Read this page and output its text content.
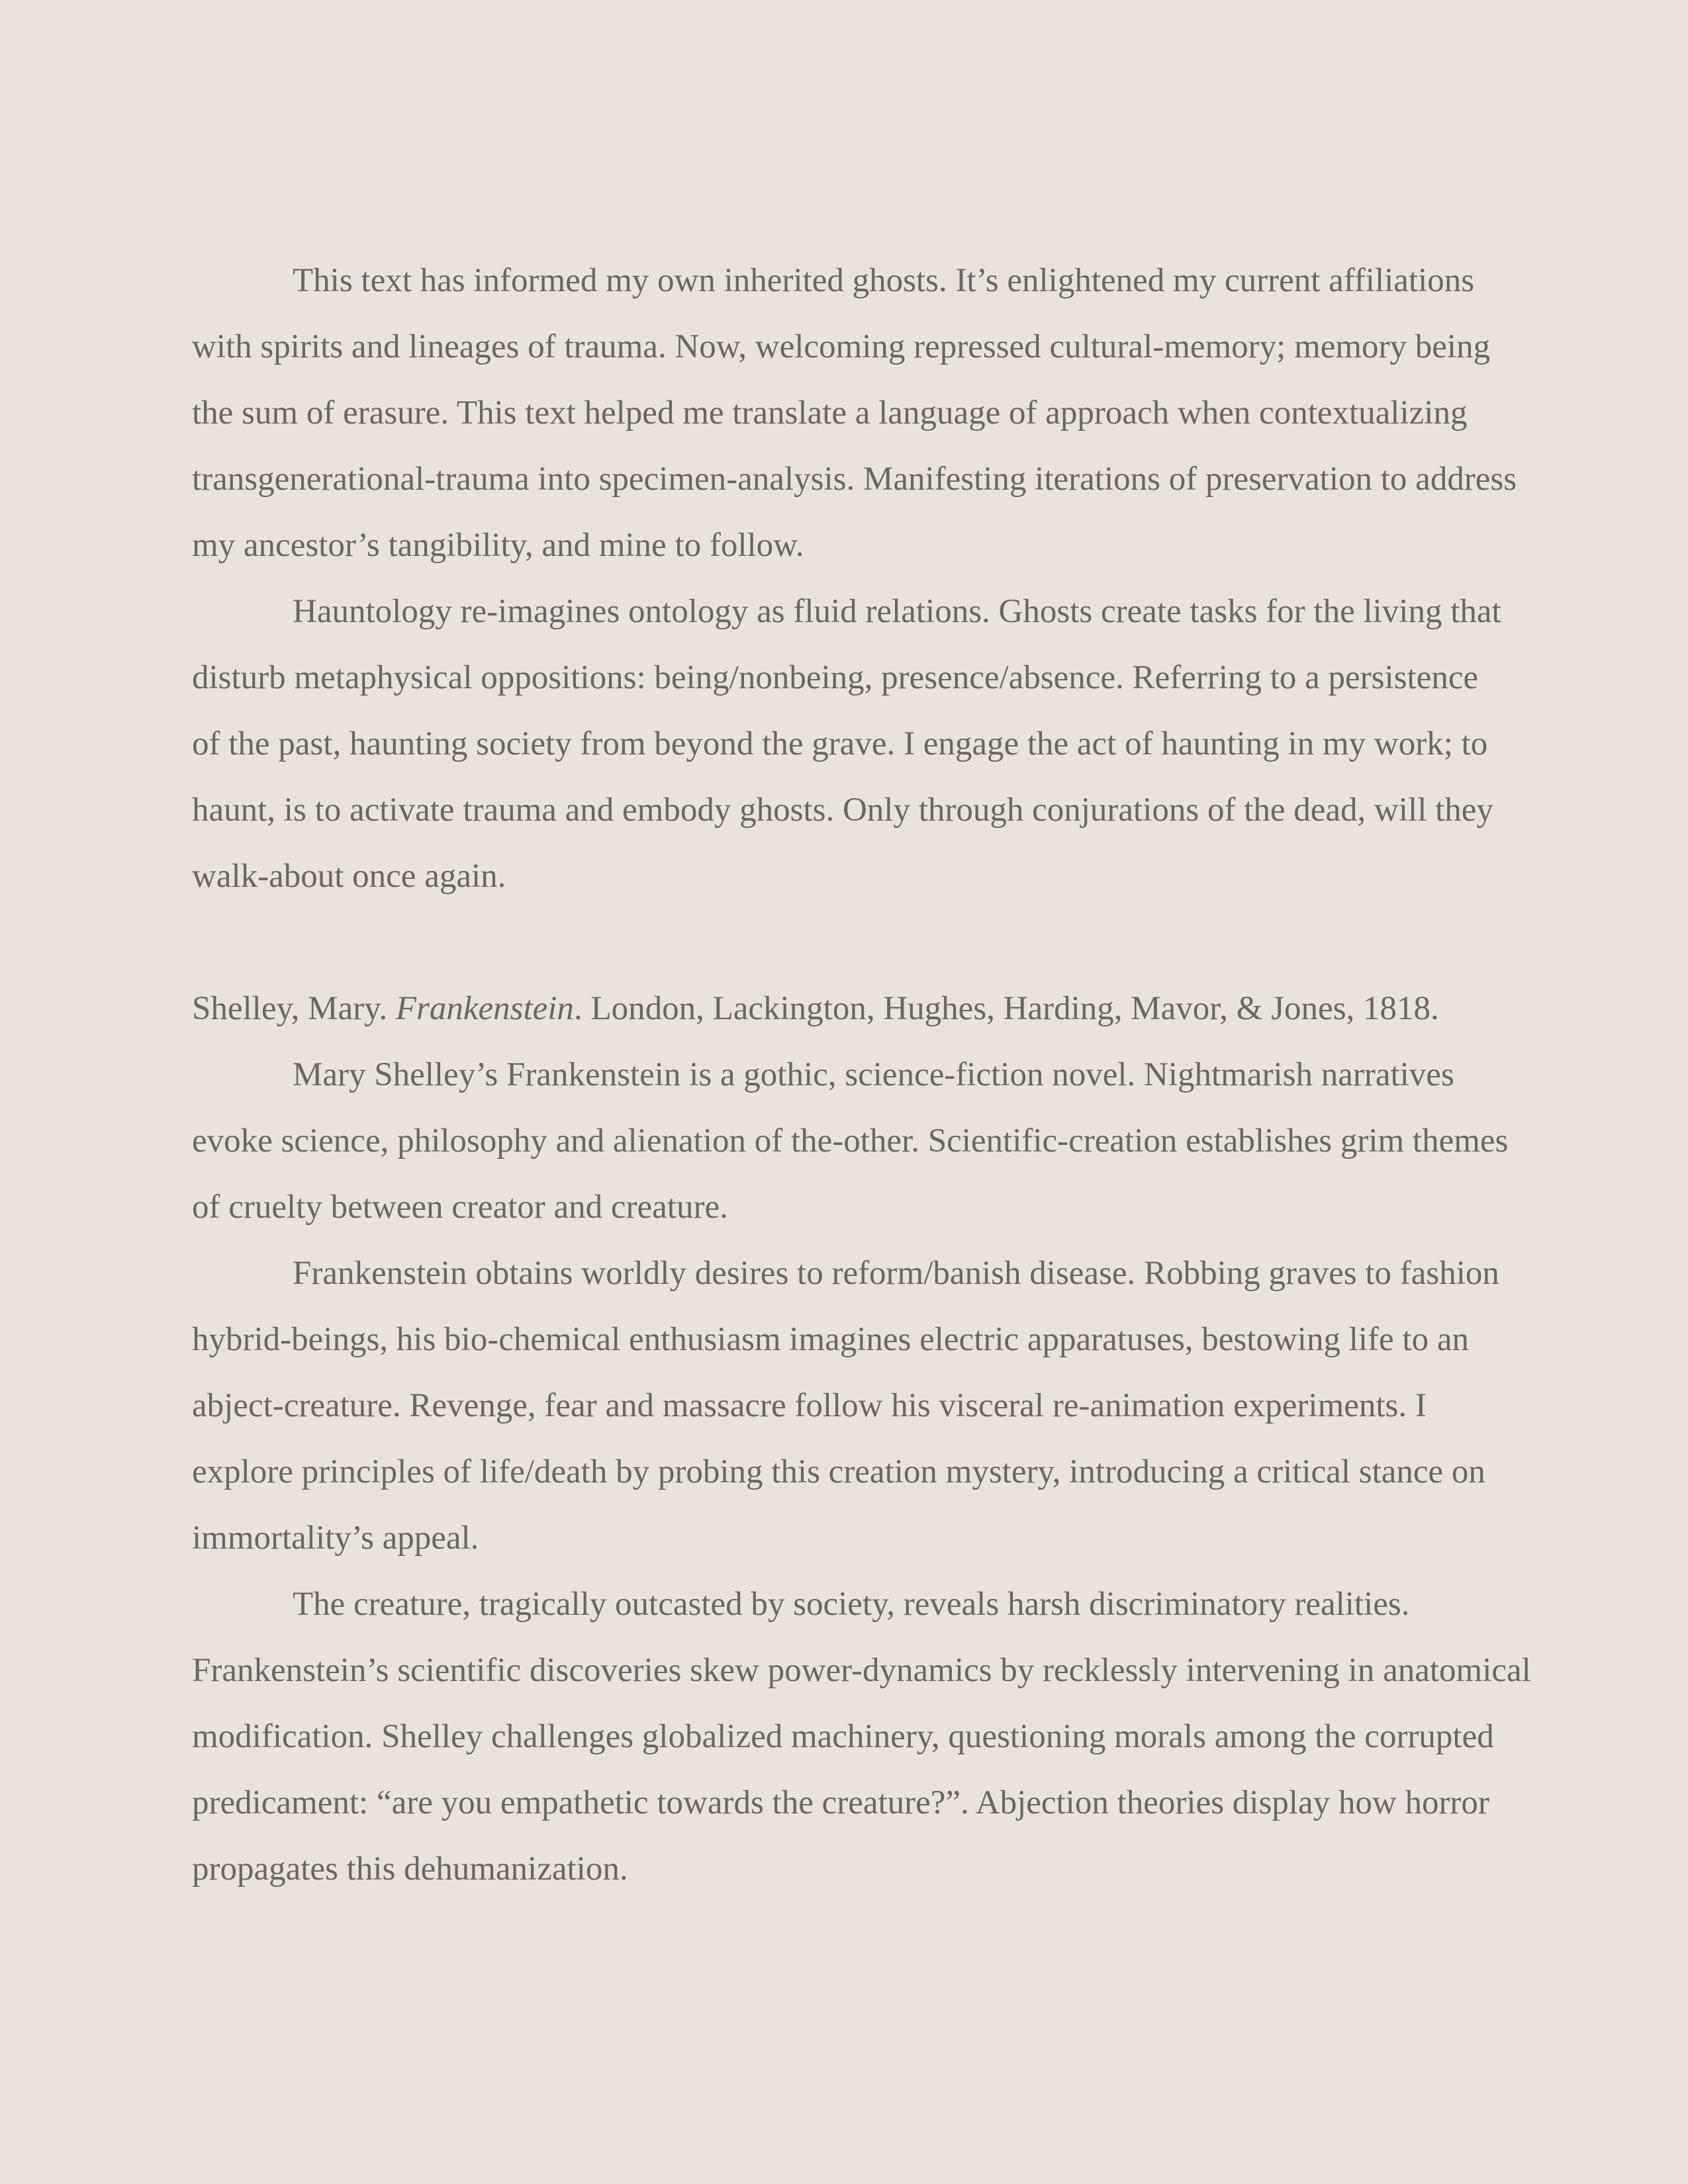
This text has informed my own inherited ghosts. It’s enlightened my current affiliations
with spirits and lineages of trauma. Now, welcoming repressed cultural-memory; memory being
the sum of erasure. This text helped me translate a language of approach when contextualizing
transgenerational-trauma into specimen-analysis. Manifesting iterations of preservation to address
my ancestor’s tangibility, and mine to follow.
Hauntology re-imagines ontology as fluid relations. Ghosts create tasks for the living that
disturb metaphysical oppositions: being/nonbeing, presence/absence. Referring to a persistence
of the past, haunting society from beyond the grave. I engage the act of haunting in my work; to
haunt, is to activate trauma and embody ghosts. Only through conjurations of the dead, will they
walk-about once again.
Shelley, Mary. Frankenstein. London, Lackington, Hughes, Harding, Mavor, & Jones, 1818.
Mary Shelley’s Frankenstein is a gothic, science-fiction novel. Nightmarish narratives
evoke science, philosophy and alienation of the-other. Scientific-creation establishes grim themes
of cruelty between creator and creature.
Frankenstein obtains worldly desires to reform/banish disease. Robbing graves to fashion
hybrid-beings, his bio-chemical enthusiasm imagines electric apparatuses, bestowing life to an
abject-creature. Revenge, fear and massacre follow his visceral re-animation experiments. I
explore principles of life/death by probing this creation mystery, introducing a critical stance on
immortality’s appeal.
The creature, tragically outcasted by society, reveals harsh discriminatory realities.
Frankenstein’s scientific discoveries skew power-dynamics by recklessly intervening in anatomical
modification. Shelley challenges globalized machinery, questioning morals among the corrupted
predicament: “are you empathetic towards the creature?”. Abjection theories display how horror
propagates this dehumanization.
